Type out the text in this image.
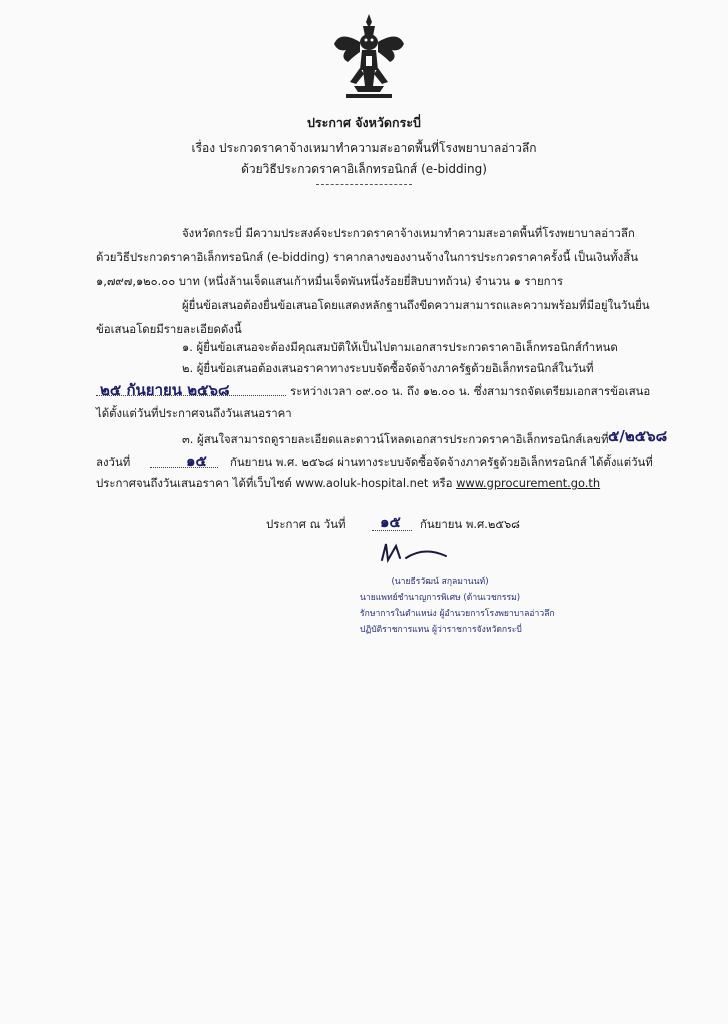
ประกาศ จังหวัดกระบี่
เรื่อง ประกวดราคาจ้างเหมาทำความสะอาดพื้นที่โรงพยาบาลอ่าวลึก
ด้วยวิธีประกวดราคาอิเล็กทรอนิกส์ (e-bidding)
จังหวัดกระบี่ มีความประสงค์จะประกวดราคาจ้างเหมาทำความสะอาดพื้นที่โรงพยาบาลอ่าวลึก
ด้วยวิธีประกวดราคาอิเล็กทรอนิกส์ (e-bidding) ราคากลางของงานจ้างในการประกวดราคาครั้งนี้ เป็นเงินทั้งสิ้น
๑,๗๙๗,๑๒๐.๐๐ บาท (หนึ่งล้านเจ็ดแสนเก้าหมื่นเจ็ดพันหนึ่งร้อยยี่สิบบาทถ้วน) จำนวน ๑ รายการ
ผู้ยื่นข้อเสนอต้องยื่นข้อเสนอโดยแสดงหลักฐานถึงขีดความสามารถและความพร้อมที่มีอยู่ในวันยื่น
ข้อเสนอโดยมีรายละเอียดดังนี้
๑. ผู้ยื่นข้อเสนอจะต้องมีคุณสมบัติให้เป็นไปตามเอกสารประกวดราคาอิเล็กทรอนิกส์กำหนด
๒. ผู้ยื่นข้อเสนอต้องเสนอราคาทางระบบจัดซื้อจัดจ้างภาครัฐด้วยอิเล็กทรอนิกส์ในวันที่
๒๕ กันยายน ๒๕๖๘	ระหว่างเวลา ๐๙.๐๐ น. ถึง ๑๒.๐๐ น. ซึ่งสามารถจัดเตรียมเอกสารข้อเสนอ
ได้ตั้งแต่วันที่ประกาศจนถึงวันเสนอราคา
๓. ผู้สนใจสามารถดูรายละเอียดและดาวน์โหลดเอกสารประกวดราคาอิเล็กทรอนิกส์เลขที่ ๕/๒๕๖๘
ลงวันที่	๑๕ กันยายน พ.ศ. ๒๕๖๘ ผ่านทางระบบจัดซื้อจัดจ้างภาครัฐด้วยอิเล็กทรอนิกส์ ได้ตั้งแต่วันที่
ประกาศจนถึงวันเสนอราคา ได้ที่เว็บไซต์ www.aoluk-hospital.net หรือ www.gprocurement.go.th
ประกาศ ณ วันที่ ๑๕ กันยายน พ.ศ.๒๕๖๘
(นายธีรวัฒน์ สกุลมานนท์)
นายแพทย์ชำนาญการพิเศษ (ด้านเวชกรรม)
รักษาการในตำแหน่ง ผู้อำนวยการโรงพยาบาลอ่าวลึก
ปฏิบัติราชการแทน ผู้ว่าราชการจังหวัดกระบี่
